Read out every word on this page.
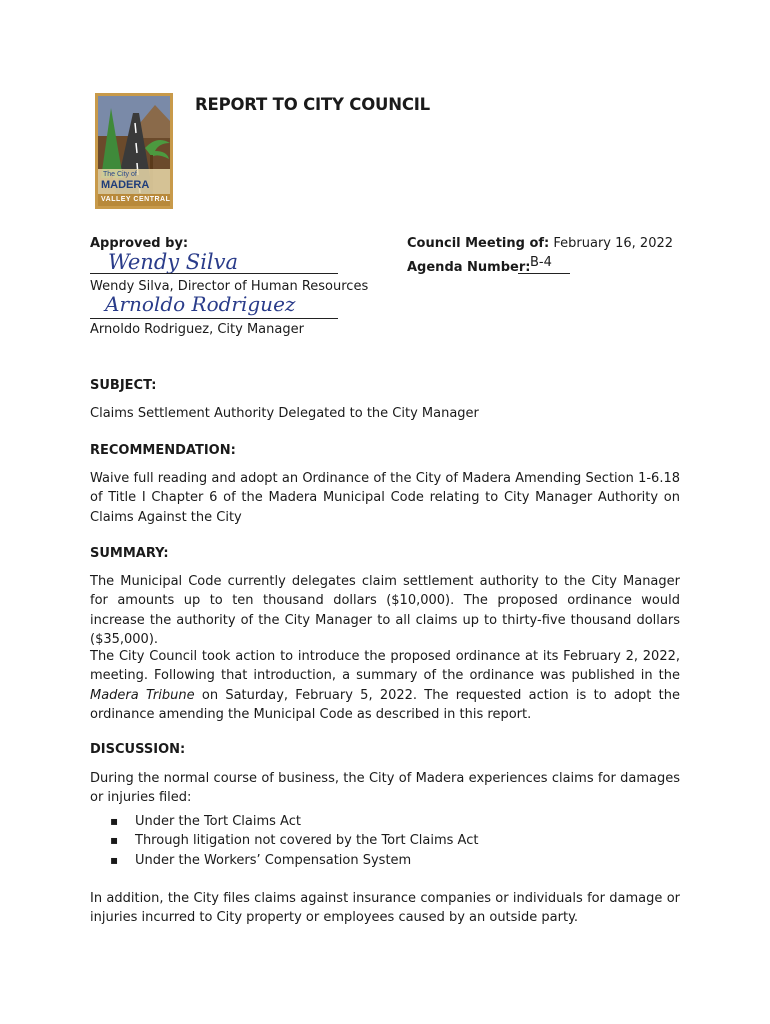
The City of
MADERA
VALLEY CENTRAL
REPORT TO CITY COUNCIL
Approved by:
Wendy Silva
Wendy Silva, Director of Human Resources
Arnoldo Rodriguez
Arnoldo Rodriguez, City Manager
Council Meeting of: February 16, 2022
Agenda Number: B-4
SUBJECT:
Claims Settlement Authority Delegated to the City Manager
RECOMMENDATION:
Waive full reading and adopt an Ordinance of the City of Madera Amending Section 1-6.18 of Title I Chapter 6 of the Madera Municipal Code relating to City Manager Authority on Claims Against the City
SUMMARY:
The Municipal Code currently delegates claim settlement authority to the City Manager for amounts up to ten thousand dollars ($10,000). The proposed ordinance would increase the authority of the City Manager to all claims up to thirty-five thousand dollars ($35,000).
The City Council took action to introduce the proposed ordinance at its February 2, 2022, meeting. Following that introduction, a summary of the ordinance was published in the Madera Tribune on Saturday, February 5, 2022. The requested action is to adopt the ordinance amending the Municipal Code as described in this report.
DISCUSSION:
During the normal course of business, the City of Madera experiences claims for damages or injuries filed:
▪ Under the Tort Claims Act
▪ Through litigation not covered by the Tort Claims Act
▪ Under the Workers’ Compensation System
In addition, the City files claims against insurance companies or individuals for damage or injuries incurred to City property or employees caused by an outside party.
